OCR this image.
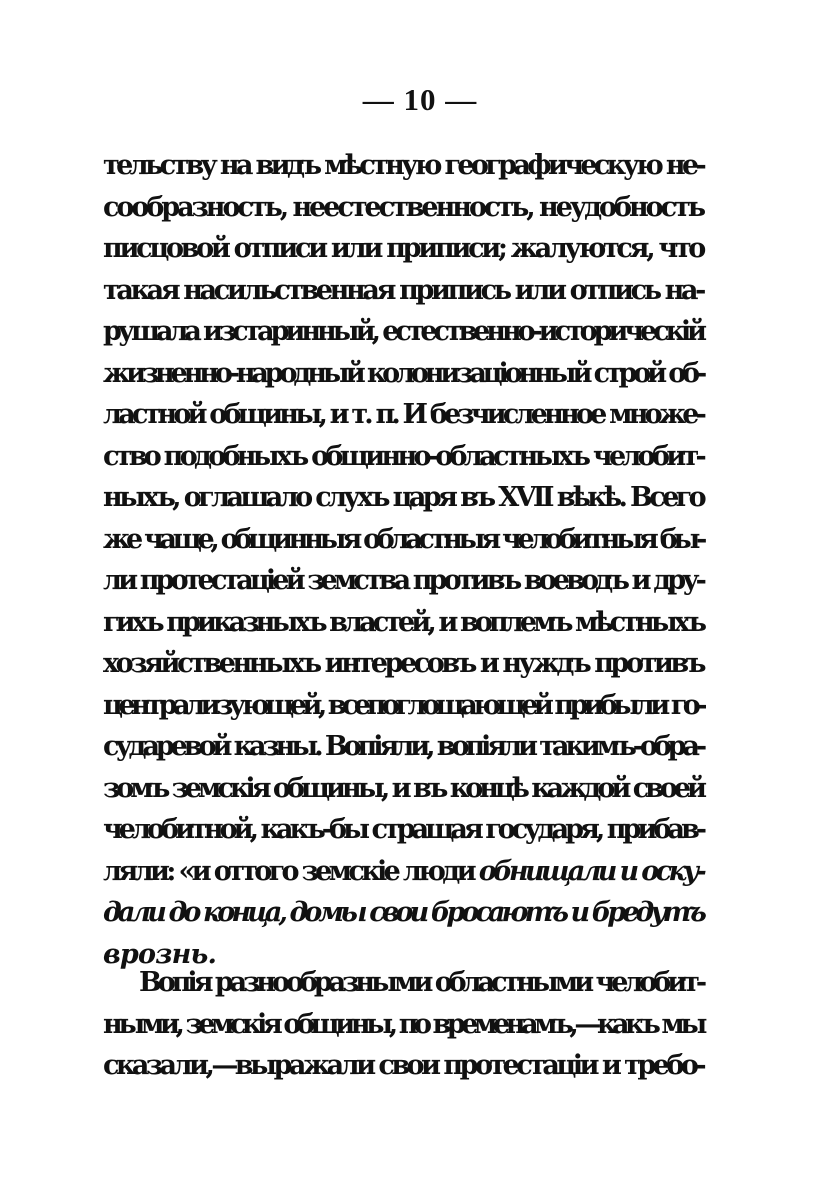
— 10 —
тельству на видъ мѣстную географическую не-
сообразность, неестественность, неудобность
писцовой отписи или приписи; жалуются, что
такая насильственная припись или отпись на-
рушала изстаринный, естественно-историческій
жизненно-народный колонизаціонный строй об-
ластной общины, и т. п. И безчисленное множе-
ство подобныхъ общинно-областныхъ челобит-
ныхъ, оглашало слухъ царя въ XVII вѣкѣ. Всего
же чаще, общинныя областныя челобитныя бы-
ли протестаціей земства противъ воеводъ и дру-
гихъ приказныхъ властей, и воплемъ мѣстныхъ
хозяйственныхъ интересовъ и нуждъ противъ
централизующей, всепоглощающей прибыли го-
сударевой казны. Вопіяли, вопіяли такимъ-обра-
зомъ земскія общины, и въ концѣ каждой своей
челобитной, какъ-бы стращая государя, прибав-
ляли: «и оттого земскіе люди обнищали и оску-
дали до конца, домы свои бросаютъ и бредутъ
врознь.
Вопія разнообразными областными челобит-
ными, земскія общины, по временамъ,—какъ мы
сказали,—выражали свои протестаціи и требо-
